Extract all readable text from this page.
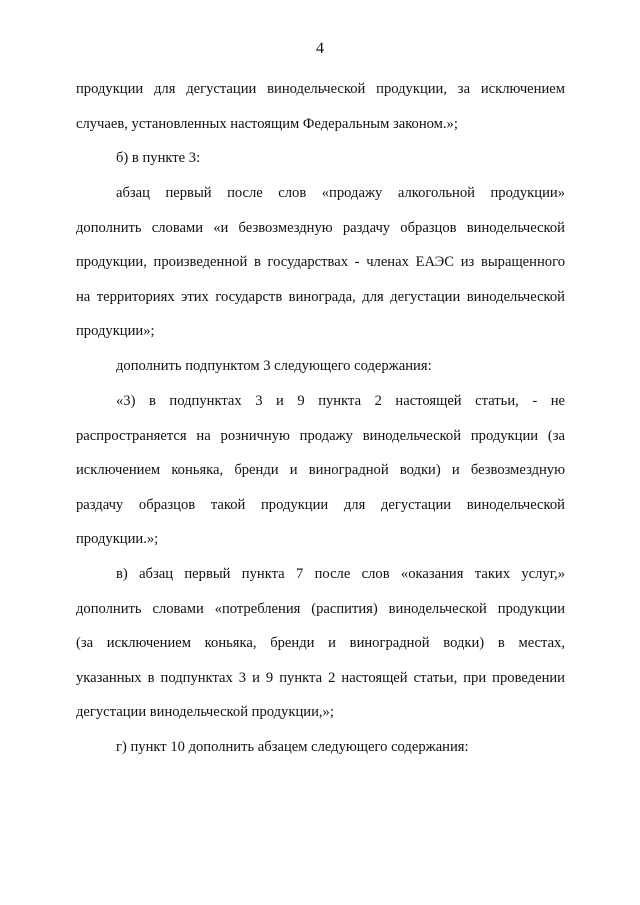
4
продукции для дегустации винодельческой продукции, за исключением
случаев, установленных настоящим Федеральным законом.»;
б) в пункте 3:
абзац первый после слов «продажу алкогольной продукции»
дополнить словами «и безвозмездную раздачу образцов винодельческой
продукции, произведенной в государствах - членах ЕАЭС из выращенного
на территориях этих государств винограда, для дегустации винодельческой
продукции»;
дополнить подпунктом 3 следующего содержания:
«3) в подпунктах 3 и 9 пункта 2 настоящей статьи, - не
распространяется на розничную продажу винодельческой продукции (за
исключением коньяка, бренди и виноградной водки) и безвозмездную
раздачу образцов такой продукции для дегустации винодельческой
продукции.»;
в) абзац первый пункта 7 после слов «оказания таких услуг,»
дополнить словами «потребления (распития) винодельческой продукции
(за исключением коньяка, бренди и виноградной водки) в местах,
указанных в подпунктах 3 и 9 пункта 2 настоящей статьи, при проведении
дегустации винодельческой продукции,»;
г) пункт 10 дополнить абзацем следующего содержания:
